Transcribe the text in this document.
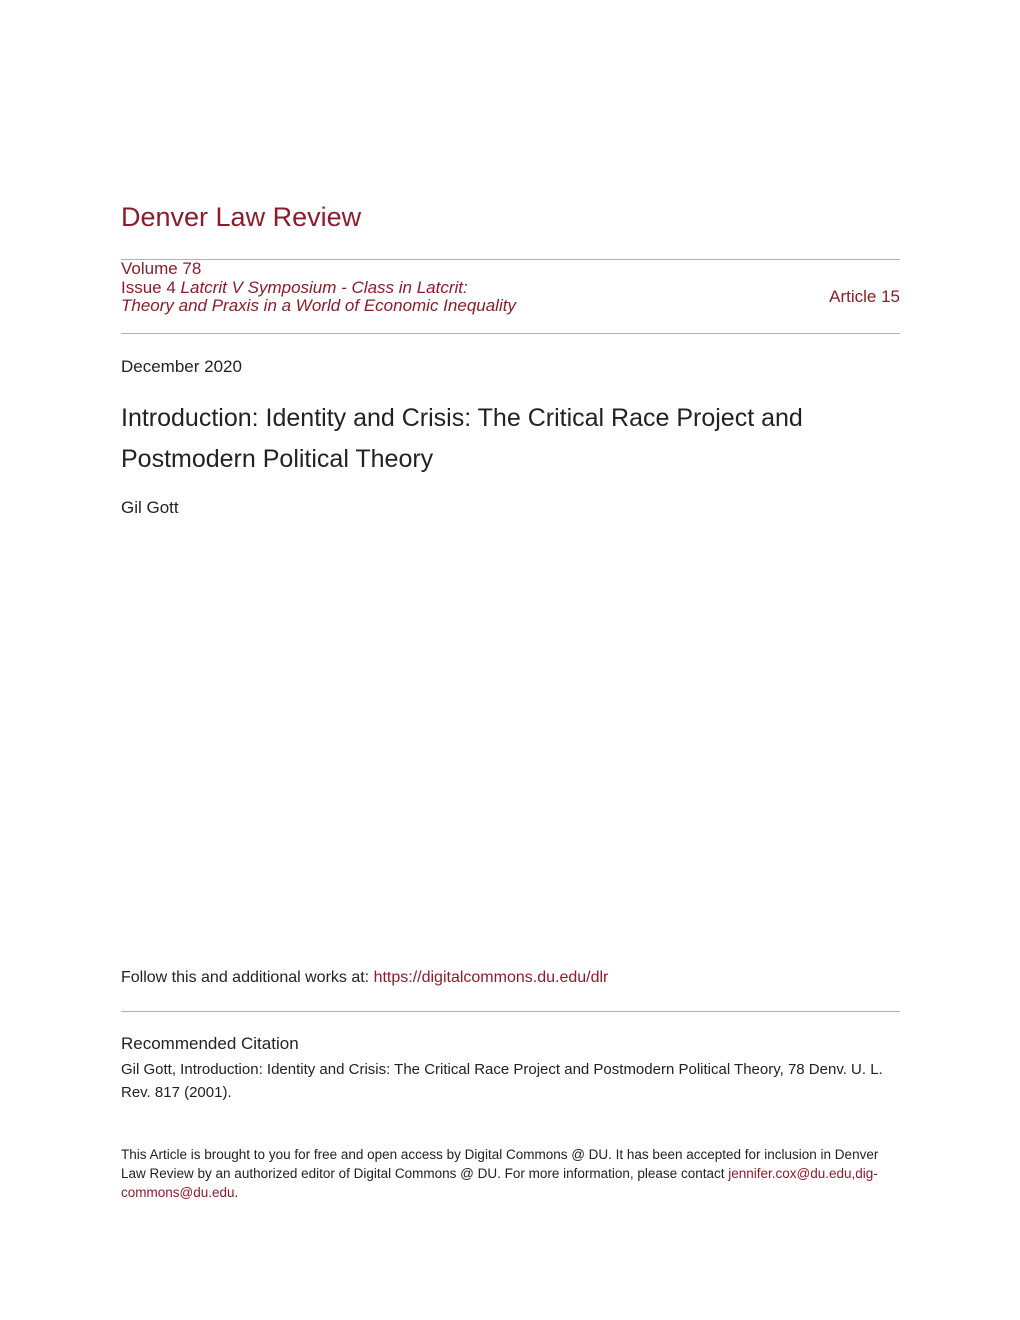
Denver Law Review
Volume 78
Issue 4 Latcrit V Symposium - Class in Latcrit: Theory and Praxis in a World of Economic Inequality	Article 15
December 2020
Introduction: Identity and Crisis: The Critical Race Project and Postmodern Political Theory
Gil Gott
Follow this and additional works at: https://digitalcommons.du.edu/dlr
Recommended Citation
Gil Gott, Introduction: Identity and Crisis: The Critical Race Project and Postmodern Political Theory, 78 Denv. U. L. Rev. 817 (2001).
This Article is brought to you for free and open access by Digital Commons @ DU. It has been accepted for inclusion in Denver Law Review by an authorized editor of Digital Commons @ DU. For more information, please contact jennifer.cox@du.edu,dig-commons@du.edu.
